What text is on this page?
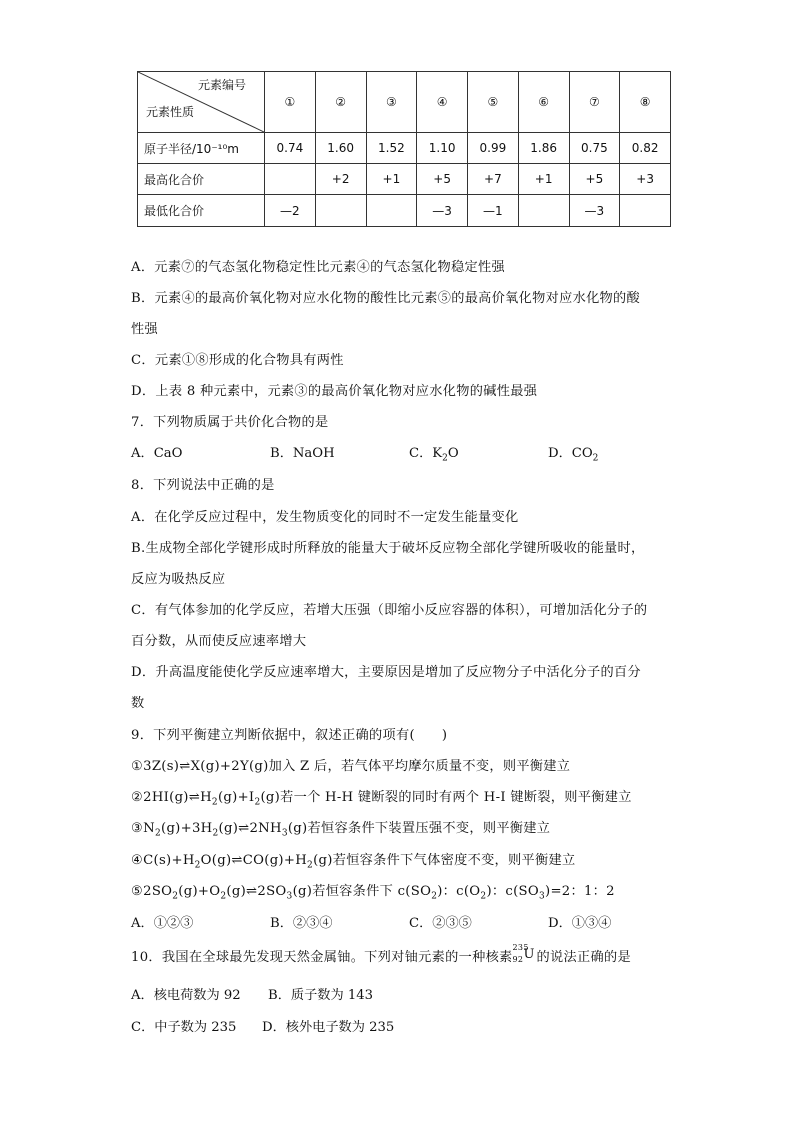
元素编号
元素性质	①	②	③	④	⑤	⑥	⑦	⑧
原子半径/10⁻¹⁰m	0.74	1.60	1.52	1.10	0.99	1.86	0.75	0.82
最高化合价		+2	+1	+5	+7	+1	+5	+3
最低化合价	—2			—3	—1		—3	
A．元素⑦的气态氢化物稳定性比元素④的气态氢化物稳定性强
B．元素④的最高价氧化物对应水化物的酸性比元素⑤的最高价氧化物对应水化物的酸
性强
C．元素①⑧形成的化合物具有两性
D．上表 8 种元素中，元素③的最高价氧化物对应水化物的碱性最强
7．下列物质属于共价化合物的是
A．CaO	B．NaOH	C．$K_2O$	D．$CO_2$
8．下列说法中正确的是
A．在化学反应过程中，发生物质变化的同时不一定发生能量变化
B.生成物全部化学键形成时所释放的能量大于破坏反应物全部化学键所吸收的能量时，
反应为吸热反应
C．有气体参加的化学反应，若增大压强（即缩小反应容器的体积），可增加活化分子的
百分数，从而使反应速率增大
D．升高温度能使化学反应速率增大，主要原因是增加了反应物分子中活化分子的百分
数
9．下列平衡建立判断依据中，叙述正确的项有(　　)
①3Z(s)⇌X(g)+2Y(g)加入 Z 后，若气体平均摩尔质量不变，则平衡建立
$②2HI(g)\rightleftharpoons H_2(g)+I_2(g)$若一个 H-H 键断裂的同时有两个 H-I 键断裂，则平衡建立
$③N_2(g)+3H_2(g)\rightleftharpoons 2NH_3(g)$若恒容条件下装置压强不变，则平衡建立
$④C(s)+H_2O(g)\rightleftharpoons CO(g)+H_2(g)$若恒容条件下气体密度不变，则平衡建立
$⑤2SO_2(g)+O_2(g)\rightleftharpoons 2SO_3(g)$若恒容条件下 $c(SO_2)$：$c(O_2)$：$c(SO_3)=2$：1：2
A．①②③	B．②③④	C．②③⑤	D．①③④
10．我国在全球最先发现天然金属铀。下列对铀元素的一种核素
235
92 U 的说法正确的是
A．核电荷数为 92 B．质子数为 143
C．中子数为 235 D．核外电子数为 235
